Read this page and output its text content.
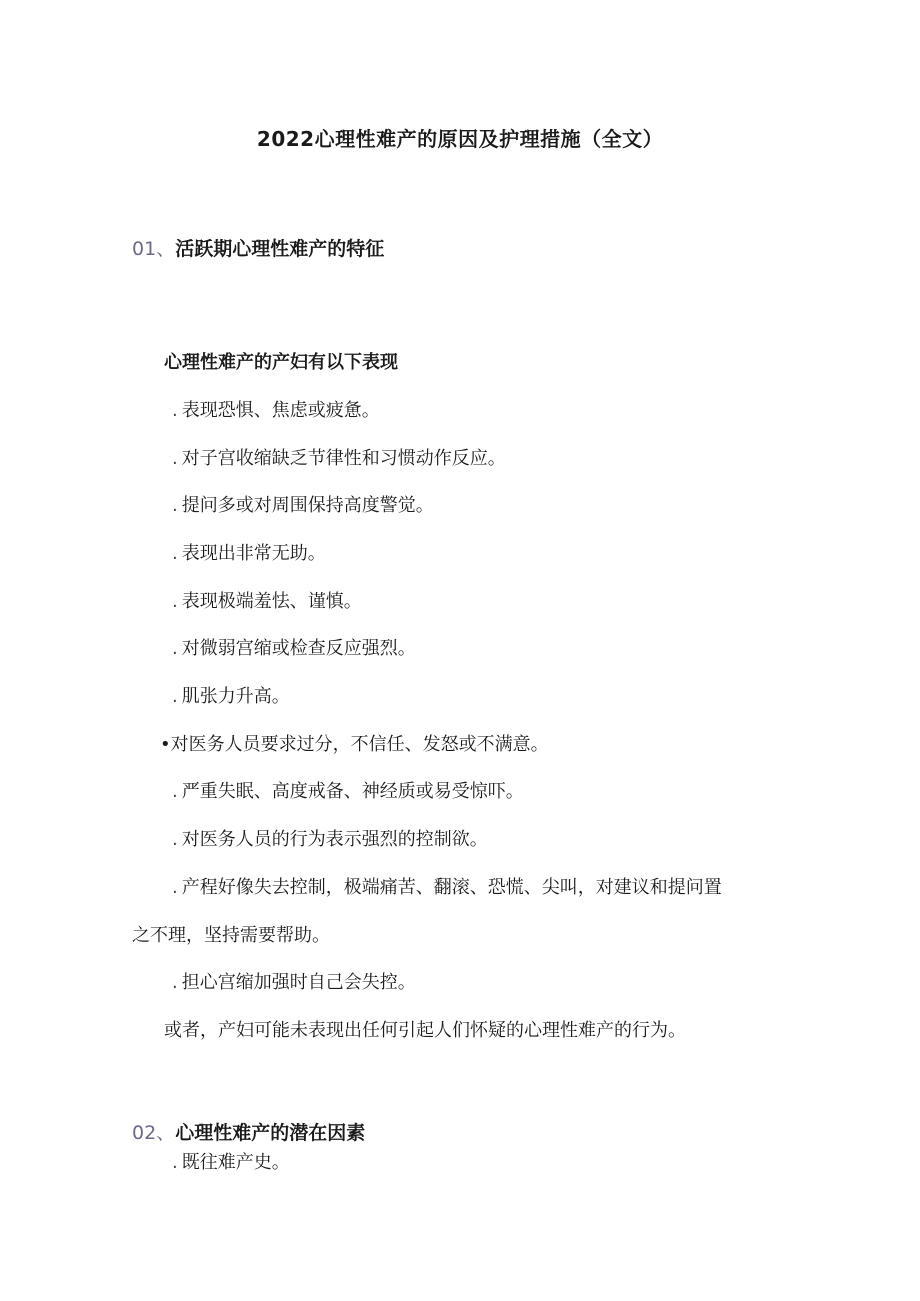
2022心理性难产的原因及护理措施（全文）
01、活跃期心理性难产的特征
心理性难产的产妇有以下表现
. 表现恐惧、焦虑或疲惫。
. 对子宫收缩缺乏节律性和习惯动作反应。
. 提问多或对周围保持高度警觉。
. 表现出非常无助。
. 表现极端羞怯、谨慎。
. 对微弱宫缩或检查反应强烈。
. 肌张力升高。
•对医务人员要求过分，不信任、发怒或不满意。
. 严重失眠、高度戒备、神经质或易受惊吓。
. 对医务人员的行为表示强烈的控制欲。
. 产程好像失去控制，极端痛苦、翻滚、恐慌、尖叫，对建议和提问置
之不理，坚持需要帮助。
. 担心宫缩加强时自己会失控。
或者，产妇可能未表现出任何引起人们怀疑的心理性难产的行为。
02、心理性难产的潜在因素
. 既往难产史。
